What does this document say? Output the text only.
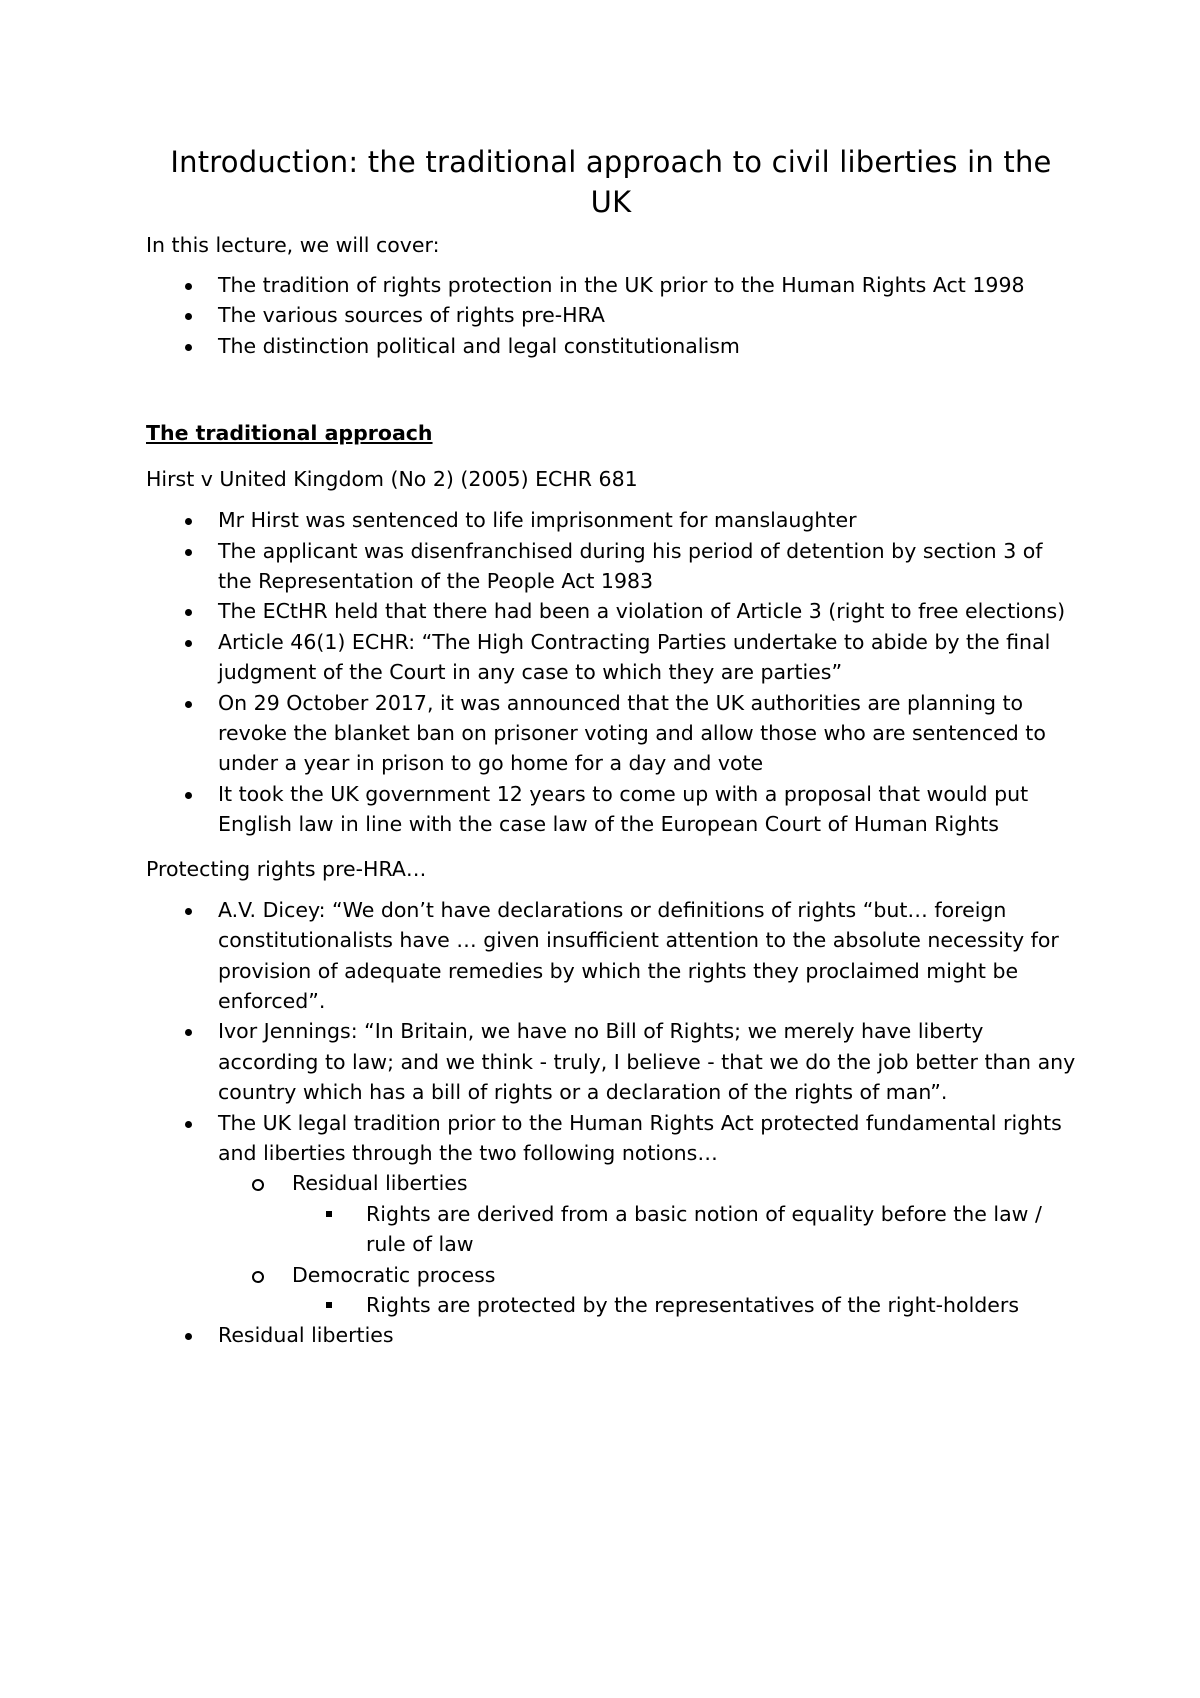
Introduction: the traditional approach to civil liberties in the UK

In this lecture, we will cover:

The tradition of rights protection in the UK prior to the Human Rights Act 1998
The various sources of rights pre-HRA
The distinction political and legal constitutionalism

The traditional approach

Hirst v United Kingdom (No 2) (2005) ECHR 681

Mr Hirst was sentenced to life imprisonment for manslaughter
The applicant was disenfranchised during his period of detention by section 3 of the Representation of the People Act 1983
The ECtHR held that there had been a violation of Article 3 (right to free elections)
Article 46(1) ECHR: “The High Contracting Parties undertake to abide by the final judgment of the Court in any case to which they are parties”
On 29 October 2017, it was announced that the UK authorities are planning to revoke the blanket ban on prisoner voting and allow those who are sentenced to under a year in prison to go home for a day and vote
It took the UK government 12 years to come up with a proposal that would put English law in line with the case law of the European Court of Human Rights

Protecting rights pre-HRA…

A.V. Dicey: “We don’t have declarations or definitions of rights “but… foreign constitutionalists have … given insufficient attention to the absolute necessity for provision of adequate remedies by which the rights they proclaimed might be enforced”.
Ivor Jennings: “In Britain, we have no Bill of Rights; we merely have liberty according to law; and we think - truly, I believe - that we do the job better than any country which has a bill of rights or a declaration of the rights of man”.
The UK legal tradition prior to the Human Rights Act protected fundamental rights and liberties through the two following notions…
Residual liberties
Rights are derived from a basic notion of equality before the law / rule of law
Democratic process
Rights are protected by the representatives of the right-holders
Residual liberties
